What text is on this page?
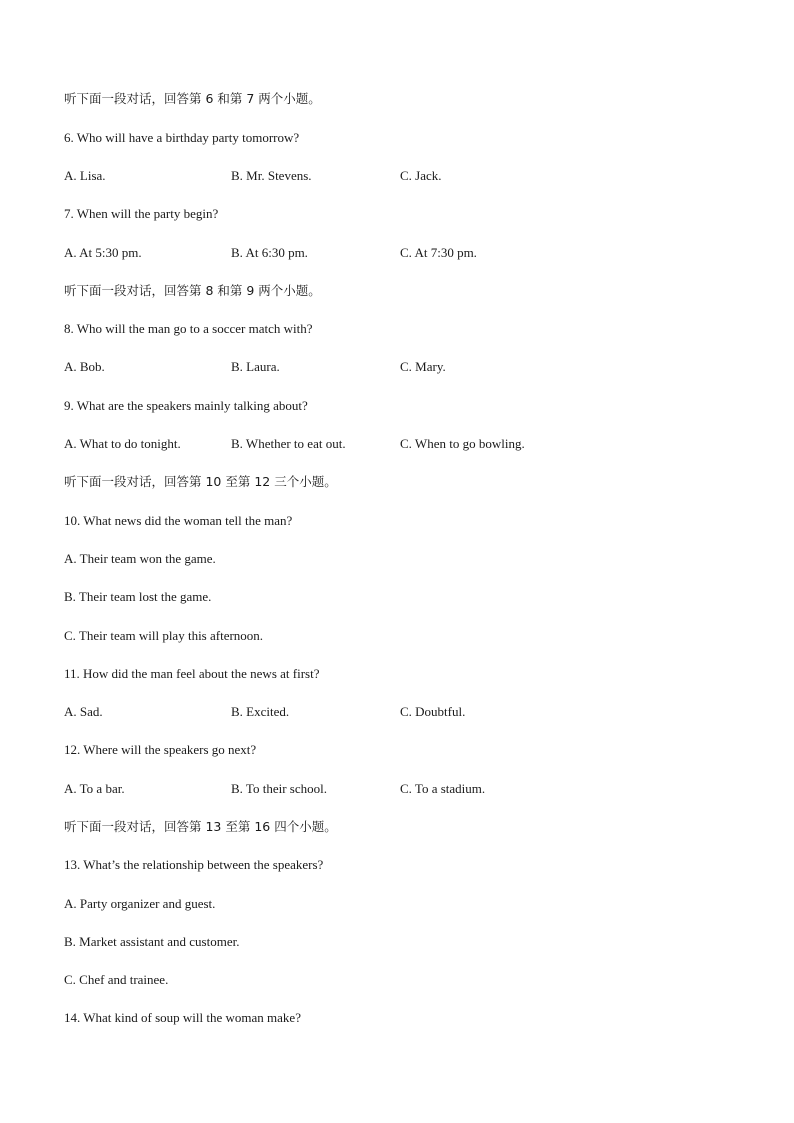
听下面一段对话，回答第 6 和第 7 两个小题。
6. Who will have a birthday party tomorrow?
A. Lisa.	B. Mr. Stevens.	C. Jack.
7. When will the party begin?
A. At 5:30 pm.	B. At 6:30 pm.	C. At 7:30 pm.
听下面一段对话，回答第 8 和第 9 两个小题。
8. Who will the man go to a soccer match with?
A. Bob.	B. Laura.	C. Mary.
9. What are the speakers mainly talking about?
A. What to do tonight.	B. Whether to eat out.	C. When to go bowling.
听下面一段对话，回答第 10 至第 12 三个小题。
10. What news did the woman tell the man?
A. Their team won the game.
B. Their team lost the game.
C. Their team will play this afternoon.
11. How did the man feel about the news at first?
A. Sad.	B. Excited.	C. Doubtful.
12. Where will the speakers go next?
A. To a bar.	B. To their school.	C. To a stadium.
听下面一段对话，回答第 13 至第 16 四个小题。
13. What’s the relationship between the speakers?
A. Party organizer and guest.
B. Market assistant and customer.
C. Chef and trainee.
14. What kind of soup will the woman make?
